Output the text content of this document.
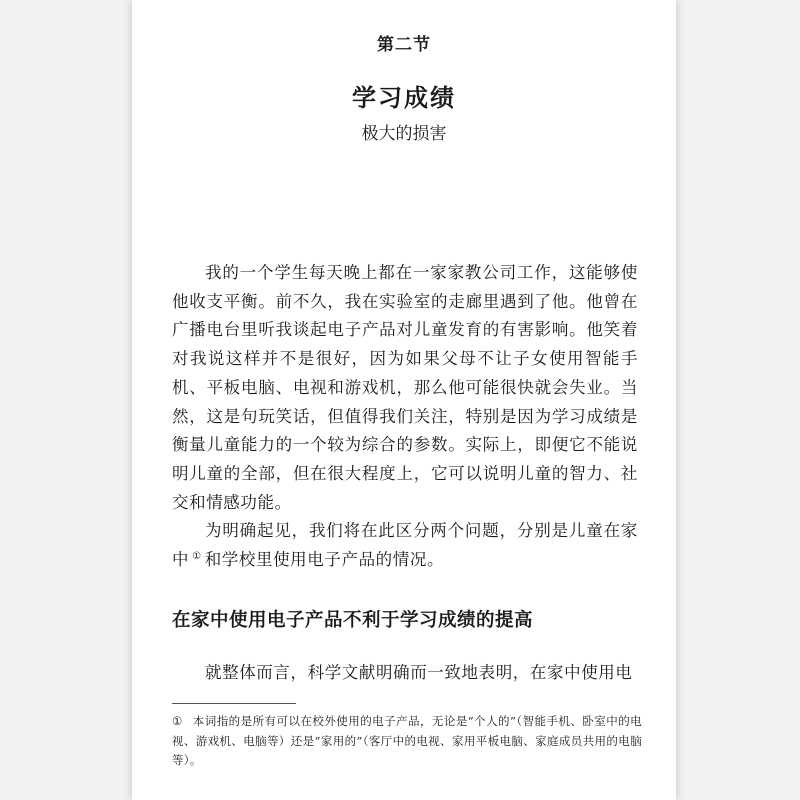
第二节
学习成绩
极大的损害

我的一个学生每天晚上都在一家家教公司工作，这能够使他收支平衡。前不久，我在实验室的走廊里遇到了他。他曾在广播电台里听我谈起电子产品对儿童发育的有害影响。他笑着对我说这样并不是很好，因为如果父母不让子女使用智能手机、平板电脑、电视和游戏机，那么他可能很快就会失业。当然，这是句玩笑话，但值得我们关注，特别是因为学习成绩是衡量儿童能力的一个较为综合的参数。实际上，即便它不能说明儿童的全部，但在很大程度上，它可以说明儿童的智力、社交和情感功能。

为明确起见，我们将在此区分两个问题，分别是儿童在家中 ① 和学校里使用电子产品的情况。

在家中使用电子产品不利于学习成绩的提高

就整体而言，科学文献明确而一致地表明，在家中使用电

① 本词指的是所有可以在校外使用的电子产品，无论是“个人的”（智能手机、卧室中的电视、游戏机、电脑等）还是“家用的”（客厅中的电视、家用平板电脑、家庭成员共用的电脑等）。
